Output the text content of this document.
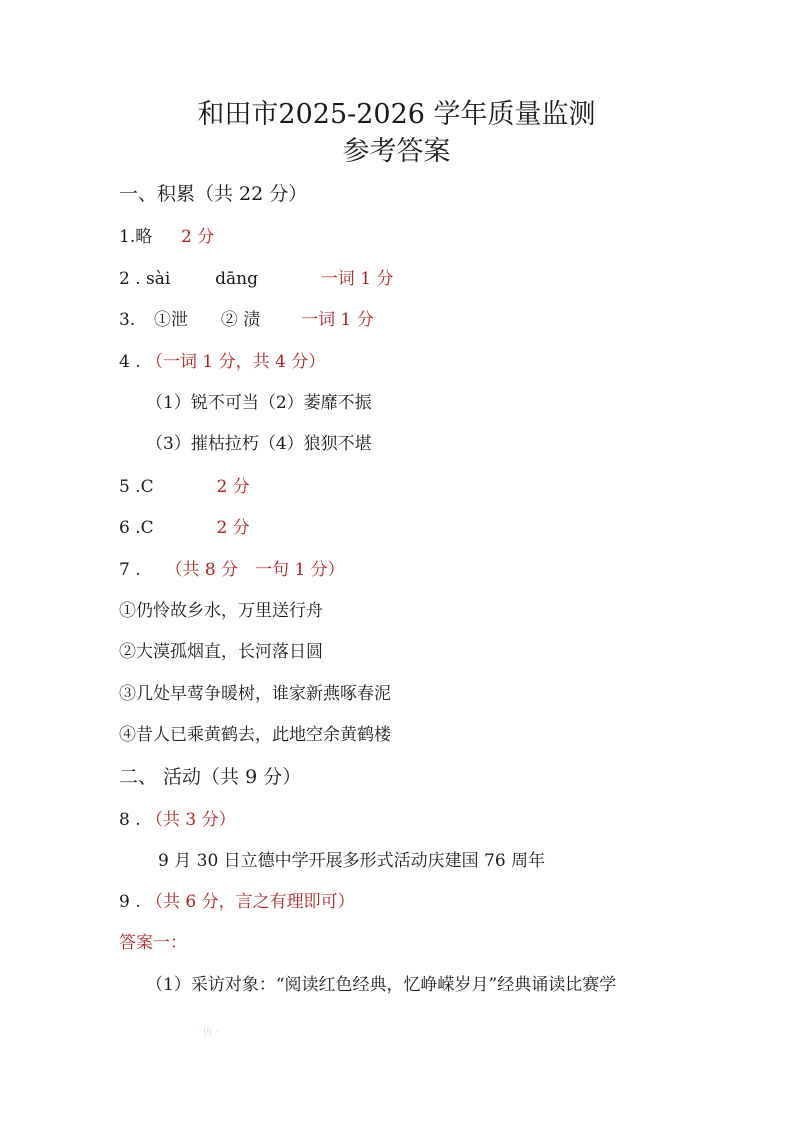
和田市2025-2026 学年质量监测
参考答案
一、积累（共 22 分）
1.略 2 分
2 . sài	dāng	一词 1 分
3. ①泄 ② 渍 一词 1 分
4 . （一词 1 分，共 4 分）
（1）锐不可当（2）萎靡不振
（3）摧枯拉朽（4）狼狈不堪
5 .C	2 分
6 .C	2 分
7 . （共 8 分　一句 1 分）
①仍怜故乡水，万里送行舟
②大漠孤烟直，长河落日圆
③几处早莺争暖树，谁家新燕啄春泥
④昔人已乘黄鹤去，此地空余黄鹤楼
二、 活动（共 9 分）
8 . （共 3 分）
9 月 30 日立德中学开展多形式活动庆建国 76 周年
9 . （共 6 分，言之有理即可）
答案一：
（1）采访对象：“阅读红色经典，忆峥嵘岁月”经典诵读比赛学
· 访 ·
